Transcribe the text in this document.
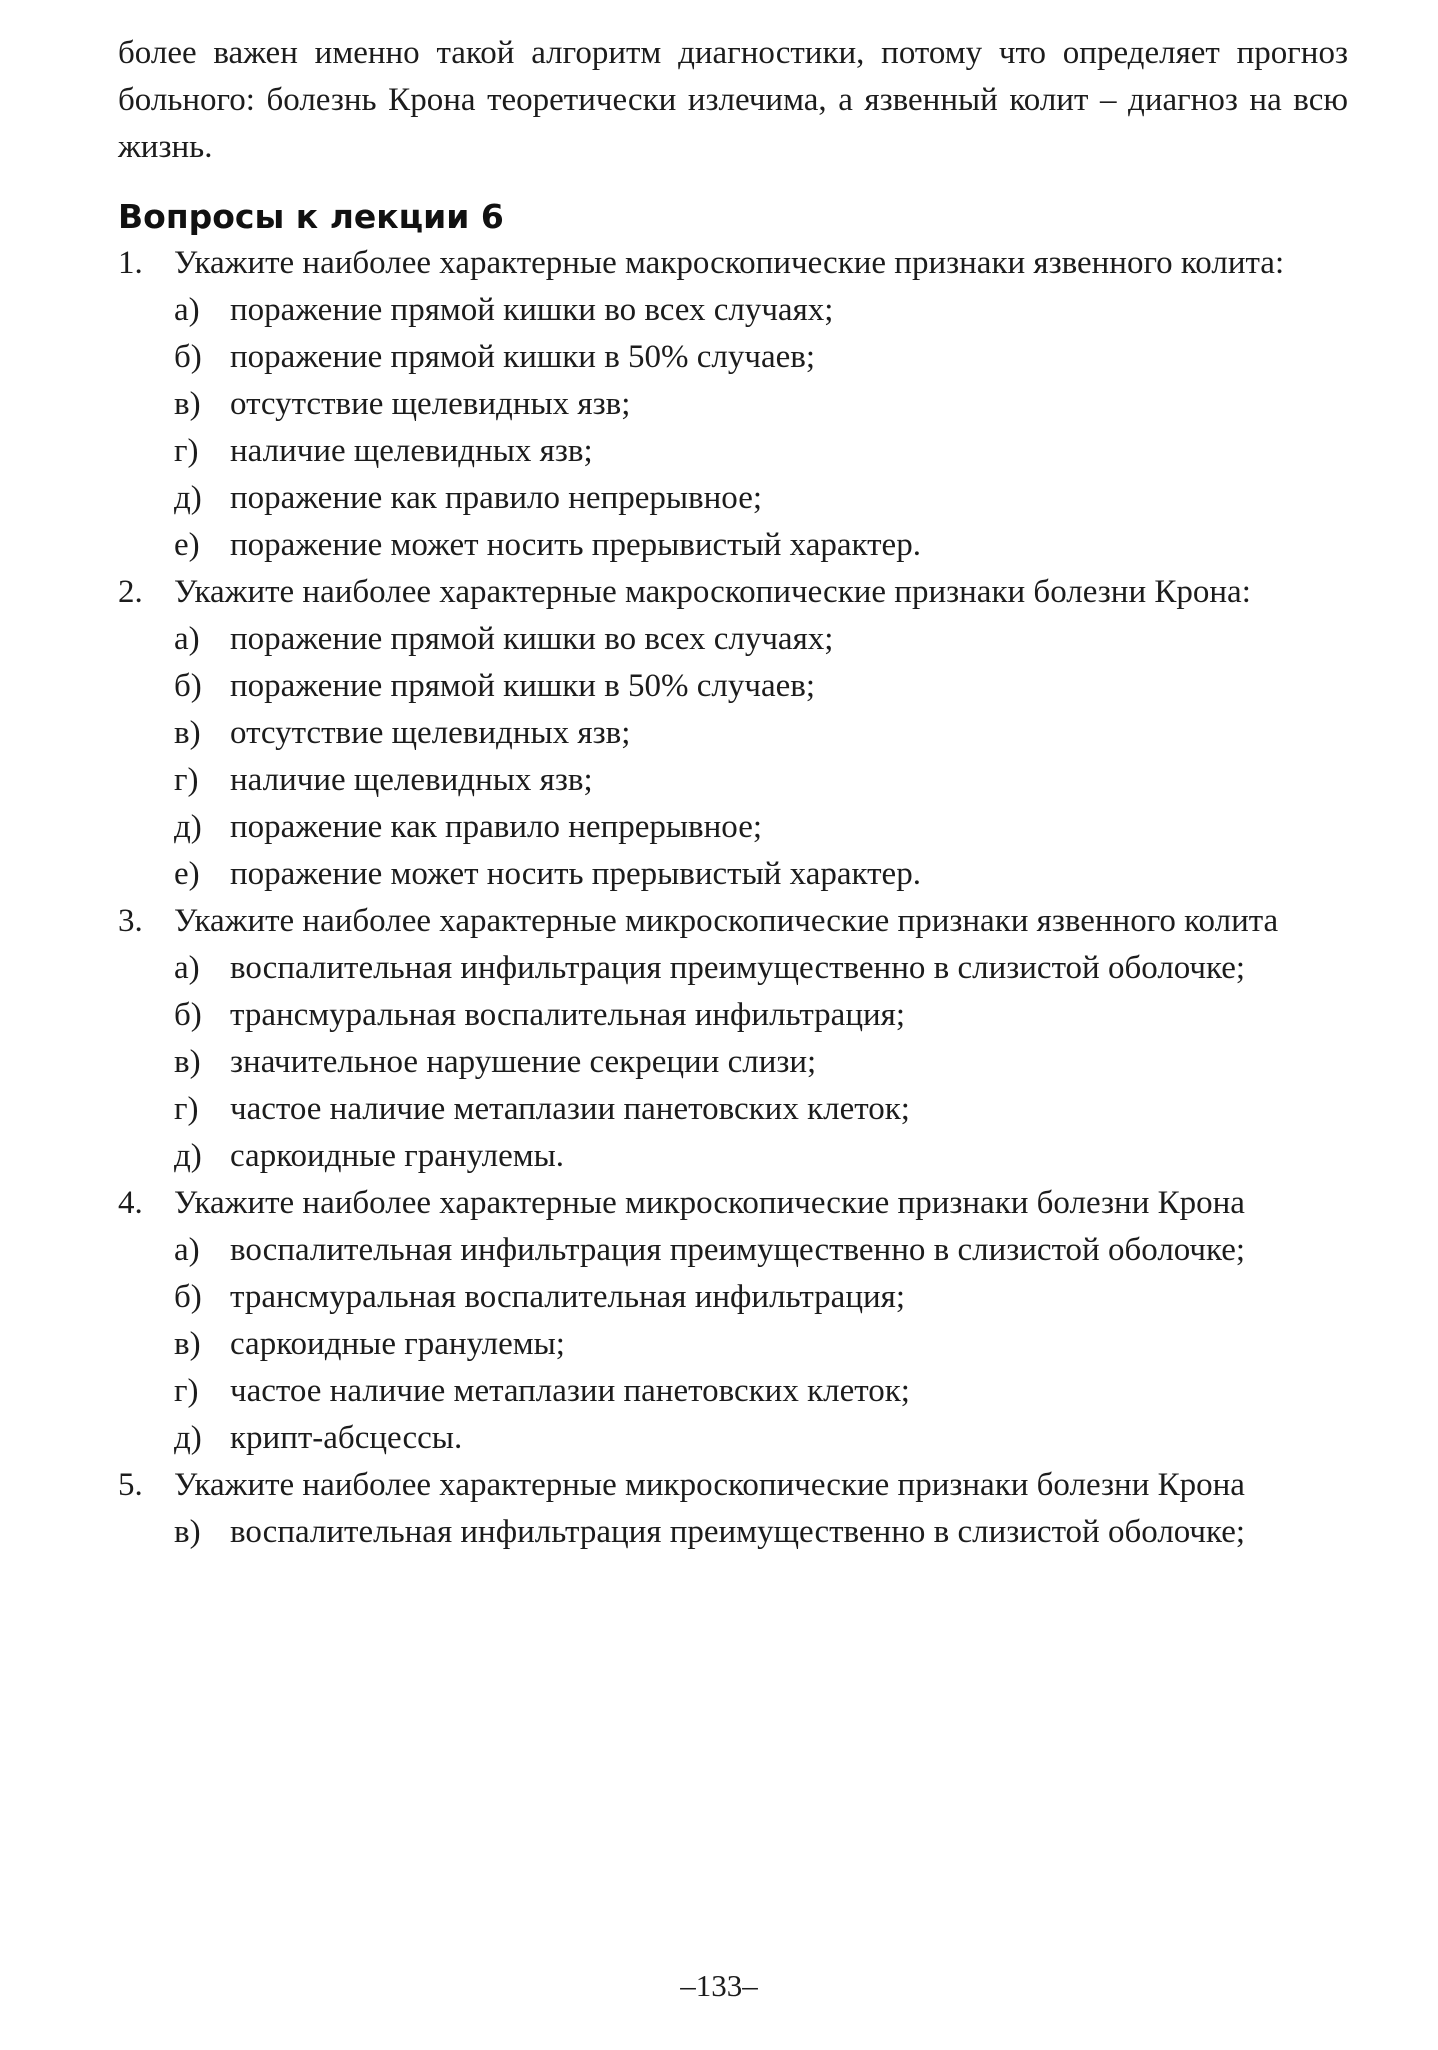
более важен именно такой алгоритм диагностики, потому что определяет прогноз больного: болезнь Крона теоретически излечима, а язвенный колит – диагноз на всю жизнь.

Вопросы к лекции 6
1. Укажите наиболее характерные макроскопические признаки язвенного колита:

а) поражение прямой кишки во всех случаях;
б) поражение прямой кишки в 50% случаев;
в) отсутствие щелевидных язв;
г) наличие щелевидных язв;
д) поражение как правило непрерывное;
е) поражение может носить прерывистый характер.
2. Укажите наиболее характерные макроскопические признаки болезни Крона:

а) поражение прямой кишки во всех случаях;
б) поражение прямой кишки в 50% случаев;
в) отсутствие щелевидных язв;
г) наличие щелевидных язв;
д) поражение как правило непрерывное;
е) поражение может носить прерывистый характер.
3. Укажите наиболее характерные микроскопические признаки язвенного колита

а) воспалительная инфильтрация преимущественно в слизистой оболочке;
б) трансмуральная воспалительная инфильтрация;
в) значительное нарушение секреции слизи;
г) частое наличие метаплазии панетовских клеток;
д) саркоидные гранулемы.
4. Укажите наиболее характерные микроскопические признаки болезни Крона

а) воспалительная инфильтрация преимущественно в слизистой оболочке;
б) трансмуральная воспалительная инфильтрация;
в) саркоидные гранулемы;
г) частое наличие метаплазии панетовских клеток;
д) крипт-абсцессы.
5. Укажите наиболее характерные микроскопические признаки болезни Крона

в) воспалительная инфильтрация преимущественно в слизистой оболочке;
–133–
